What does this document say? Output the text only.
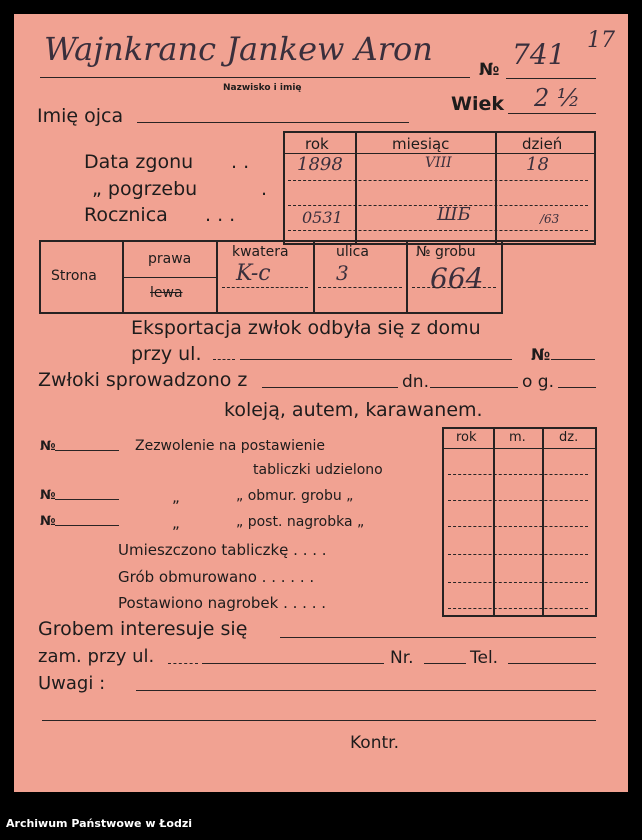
Wajnkranc Jankew Aron
Nazwisko i imię
№ 741 17
Imię ojca
Wiek 2 ½
rok	miesiąc	dzień
Data zgonu . .
„ pogrzebu	.
Rocznica . . .
1898	VIII	18
0531	ШБ	/63
Strona
prawa
lewa
kwatera	ulica	№ grobu
K-c	3	664
Eksportacja zwłok odbyła się z domu
przy ul.	№
Zwłoki sprowadzono z	dn.	o g.
koleją, autem, karawanem.
№	Zezwolenie na postawienie
tabliczki udzielono
№	„	„ obmur. grobu „
№	„	„ post. nagrobka „
Umieszczono tabliczkę . . . .
Grób obmurowano . . . . . .
Postawiono nagrobek . . . . .
rok m.	dz.
Grobem interesuje się
zam. przy ul.	Nr.	Tel.
Uwagi :
Kontr.
Archiwum Państwowe w Łodzi
